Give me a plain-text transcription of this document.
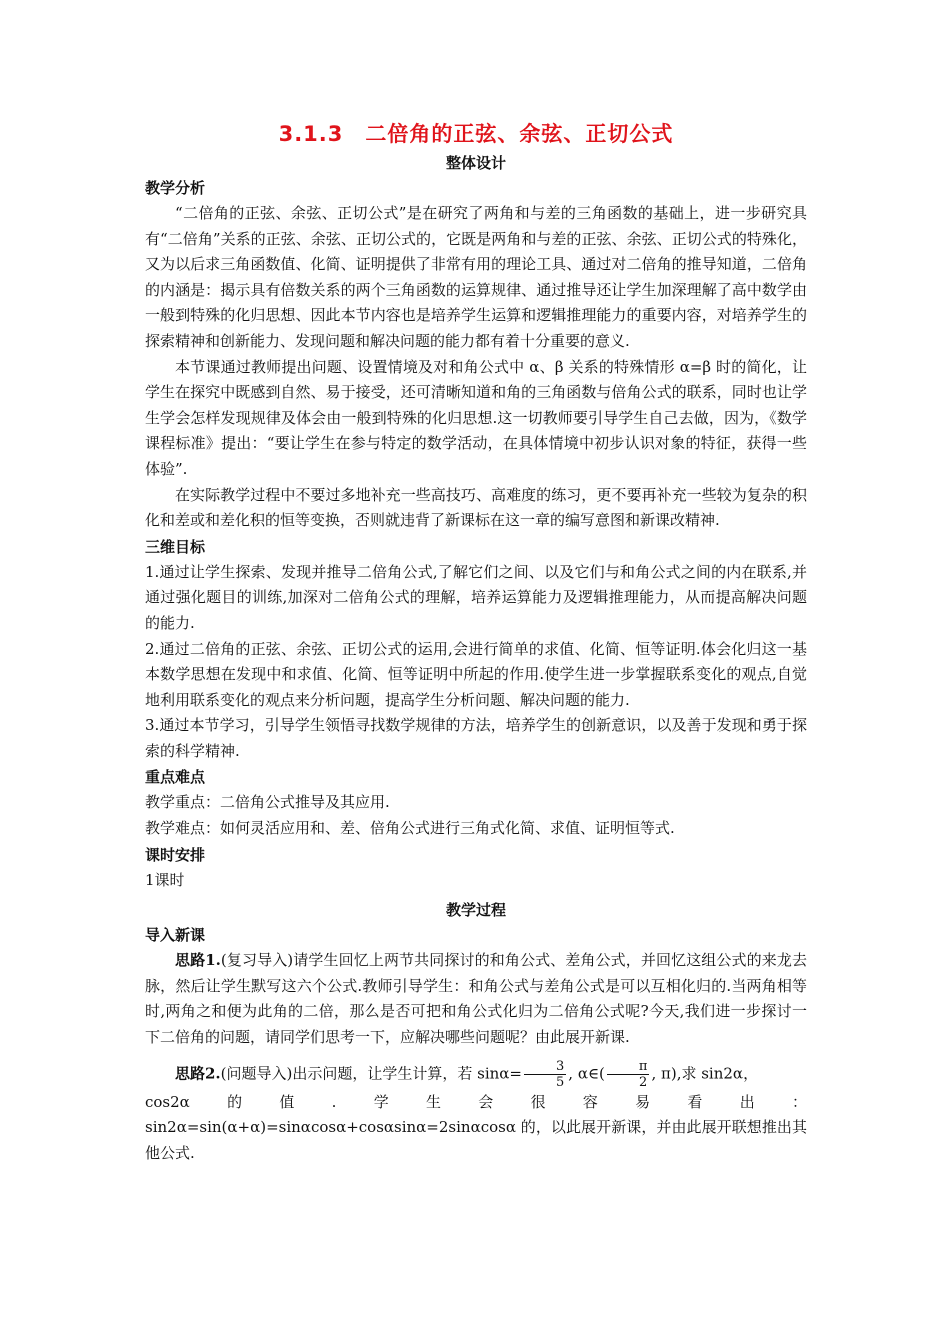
3.1.3　二倍角的正弦、余弦、正切公式
整体设计
教学分析

“二倍角的正弦、余弦、正切公式”是在研究了两角和与差的三角函数的基础上，进一步研究具有“二倍角”关系的正弦、余弦、正切公式的，它既是两角和与差的正弦、余弦、正切公式的特殊化，又为以后求三角函数值、化简、证明提供了非常有用的理论工具、通过对二倍角的推导知道，二倍角的内涵是：揭示具有倍数关系的两个三角函数的运算规律、通过推导还让学生加深理解了高中数学由一般到特殊的化归思想、因此本节内容也是培养学生运算和逻辑推理能力的重要内容，对培养学生的探索精神和创新能力、发现问题和解决问题的能力都有着十分重要的意义.

本节课通过教师提出问题、设置情境及对和角公式中 α、β 关系的特殊情形 α=β 时的简化，让学生在探究中既感到自然、易于接受，还可清晰知道和角的三角函数与倍角公式的联系，同时也让学生学会怎样发现规律及体会由一般到特殊的化归思想.这一切教师要引导学生自己去做，因为，《数学课程标准》提出：“要让学生在参与特定的数学活动，在具体情境中初步认识对象的特征，获得一些体验”.

在实际教学过程中不要过多地补充一些高技巧、高难度的练习，更不要再补充一些较为复杂的积化和差或和差化积的恒等变换，否则就违背了新课标在这一章的编写意图和新课改精神.

三维目标

1.通过让学生探索、发现并推导二倍角公式,了解它们之间、以及它们与和角公式之间的内在联系,并通过强化题目的训练,加深对二倍角公式的理解，培养运算能力及逻辑推理能力，从而提高解决问题的能力.

2.通过二倍角的正弦、余弦、正切公式的运用,会进行简单的求值、化简、恒等证明.体会化归这一基本数学思想在发现中和求值、化简、恒等证明中所起的作用.使学生进一步掌握联系变化的观点,自觉地利用联系变化的观点来分析问题，提高学生分析问题、解决问题的能力.

3.通过本节学习，引导学生领悟寻找数学规律的方法，培养学生的创新意识，以及善于发现和勇于探索的科学精神.

重点难点

教学重点：二倍角公式推导及其应用.

教学难点：如何灵活应用和、差、倍角公式进行三角式化简、求值、证明恒等式.

课时安排

1课时

教学过程
导入新课

思路1.(复习导入)请学生回忆上两节共同探讨的和角公式、差角公式，并回忆这组公式的来龙去脉，然后让学生默写这六个公式.教师引导学生：和角公式与差角公式是可以互相化归的.当两角相等时,两角之和便为此角的二倍，那么是否可把和角公式化归为二倍角公式呢?今天,我们进一步探讨一下二倍角的问题，请同学们思考一下，应解决哪些问题呢？由此展开新课.

思路2.(问题导入)出示问题，让学生计算，若 $\sin\alpha= \frac{3}{5}$ , α∈( $\frac{\pi}{2}$ , π),求 sin2α，

cos2α　　的　　值　　.　　学　　生　　会　　很　　容　　易　　看　　出　　：

sin2α=sin(α+α)=sinαcosα+cosαsinα=2sinαcosα 的，以此展开新课，并由此展开联想推出其他公式.
